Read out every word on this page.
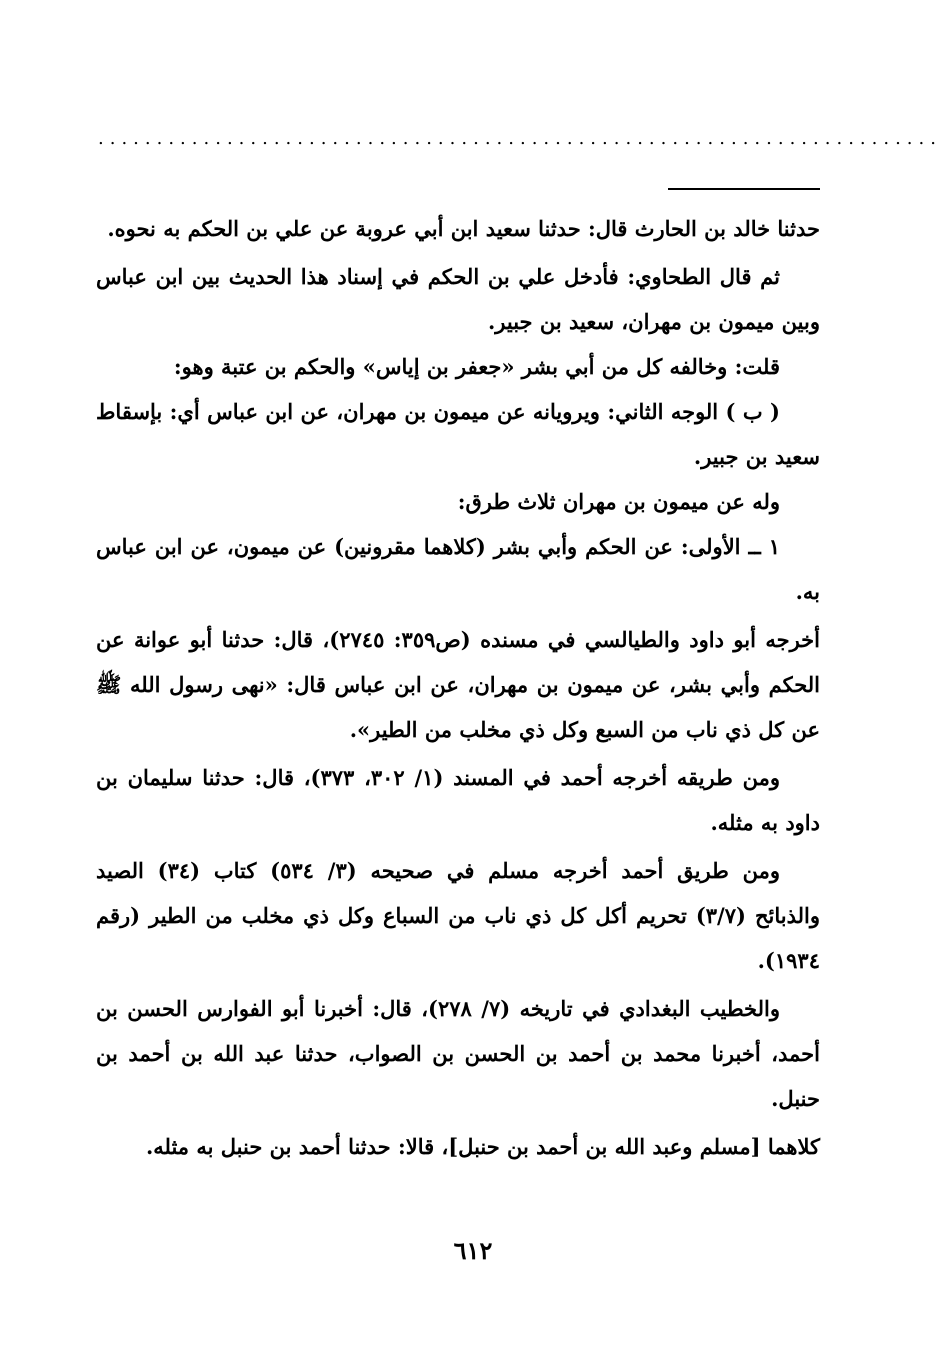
........................................................................

حدثنا خالد بن الحارث قال: حدثنا سعيد ابن أبي عروبة عن علي بن الحكم به نحوه.

ثم قال الطحاوي: فأدخل علي بن الحكم في إسناد هذا الحديث بين ابن عباس وبين ميمون بن مهران، سعيد بن جبير.

قلت: وخالفه كل من أبي بشر «جعفر بن إياس» والحكم بن عتبة وهو:

( ب ) الوجه الثاني: ويرويانه عن ميمون بن مهران، عن ابن عباس أي: بإسقاط سعيد بن جبير.

وله عن ميمون بن مهران ثلاث طرق:

١ ــ الأولى: عن الحكم وأبي بشر (كلاهما مقرونين) عن ميمون، عن ابن عباس به.

أخرجه أبو داود والطيالسي في مسنده (ص٣٥٩: ٢٧٤٥)، قال: حدثنا أبو عوانة عن الحكم وأبي بشر، عن ميمون بن مهران، عن ابن عباس قال: «نهى رسول الله ﷺ عن كل ذي ناب من السبع وكل ذي مخلب من الطير».

ومن طريقه أخرجه أحمد في المسند (١/ ٣٠٢، ٣٧٣)، قال: حدثنا سليمان بن داود به مثله.

ومن طريق أحمد أخرجه مسلم في صحيحه (٣/ ٥٣٤) كتاب (٣٤) الصيد والذبائح (٣/٧) تحريم أكل كل ذي ناب من السباع وكل ذي مخلب من الطير (رقم ١٩٣٤).

والخطيب البغدادي في تاريخه (٧/ ٢٧٨)، قال: أخبرنا أبو الفوارس الحسن بن أحمد، أخبرنا محمد بن أحمد بن الحسن بن الصواب، حدثنا عبد الله بن أحمد بن حنبل.

كلاهما [مسلم وعبد الله بن أحمد بن حنبل]، قالا: حدثنا أحمد بن حنبل به مثله.

٦١٢
